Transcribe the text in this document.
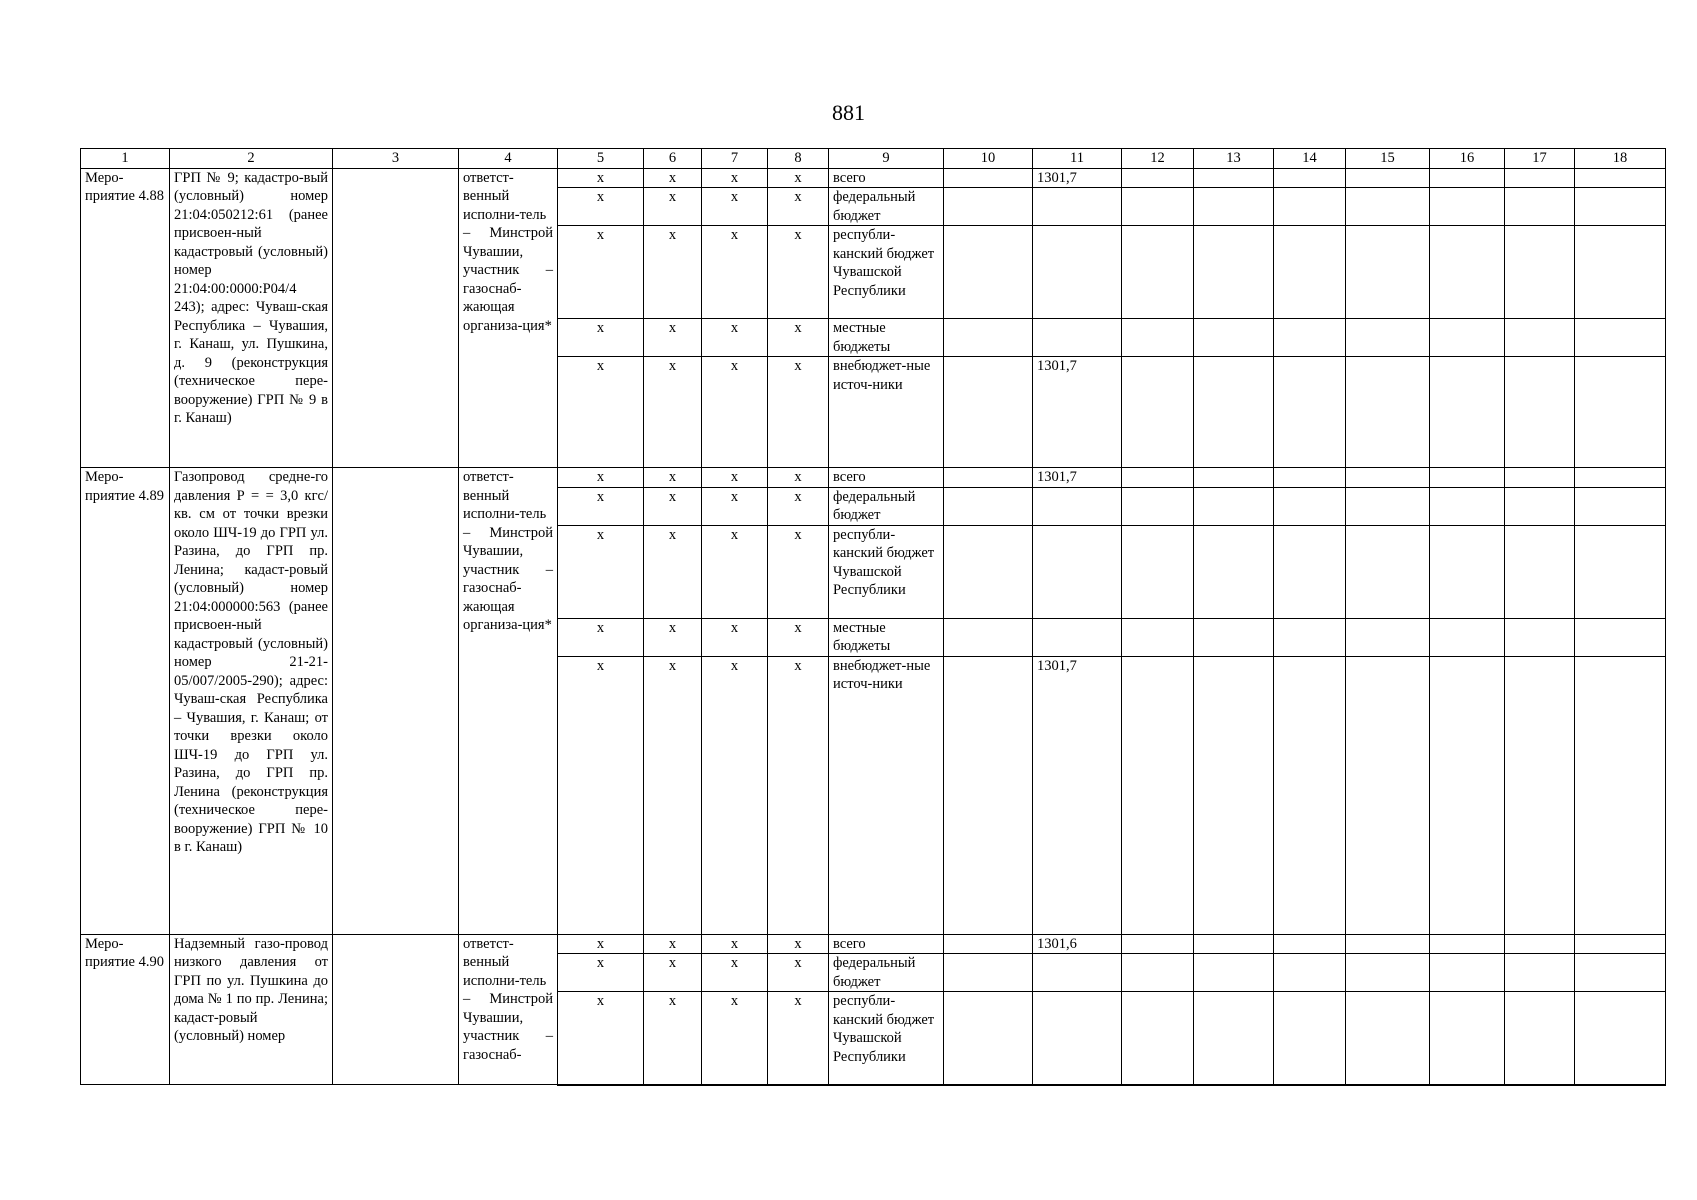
881
1	2	3	4	5	6	7	8	9	10	11	12	13	14	15	16	17	18
Меро-приятие 4.88	ГРП № 9; кадастро-вый (условный) номер 21:04:050212:61 (ранее присвоен-ный кадастровый (условный) номер 21:04:00:0000:Р04/4 243); адрес: Чуваш-ская Республика – Чувашия, г. Канаш, ул. Пушкина, д. 9 (реконструкция (техническое пере-вооружение) ГРП № 9 в г. Канаш)		ответст-венный исполни-тель – Минстрой Чувашии, участник – газоснаб-жающая организа-ция*	x	x	x	x	всего		1301,7							
				x	x	x	x	федеральный бюджет									
				x	x	x	x	республи-канский бюджет Чувашской Республики									
				x	x	x	x	местные бюджеты									
				x	x	x	x	внебюджет-ные источ-ники		1301,7							
Меро-приятие 4.89	Газопровод средне-го давления Р = = 3,0 кгс/ кв. см от точки врезки около ШЧ-19 до ГРП ул. Разина, до ГРП пр. Ленина; кадаст-ровый (условный) номер 21:04:000000:563 (ранее присвоен-ный кадастровый (условный) номер 21-21-05/007/2005-290); адрес: Чуваш-ская Республика – Чувашия, г. Канаш; от точки врезки около ШЧ-19 до ГРП ул. Разина, до ГРП пр. Ленина (реконструкция (техническое пере-вооружение) ГРП № 10 в г. Канаш)		ответст-венный исполни-тель – Минстрой Чувашии, участник – газоснаб-жающая организа-ция*	x	x	x	x	всего		1301,7							
				x	x	x	x	федеральный бюджет									
				x	x	x	x	республи-канский бюджет Чувашской Республики									
				x	x	x	x	местные бюджеты									
				x	x	x	x	внебюджет-ные источ-ники		1301,7							
Меро-приятие 4.90	Надземный газо-провод низкого давления от ГРП по ул. Пушкина до дома № 1 по пр. Ленина; кадаст-ровый (условный) номер		ответст-венный исполни-тель – Минстрой Чувашии, участник – газоснаб-	x	x	x	x	всего		1301,6							
				x	x	x	x	федеральный бюджет									
				x	x	x	x	республи-канский бюджет Чувашской Республики									
